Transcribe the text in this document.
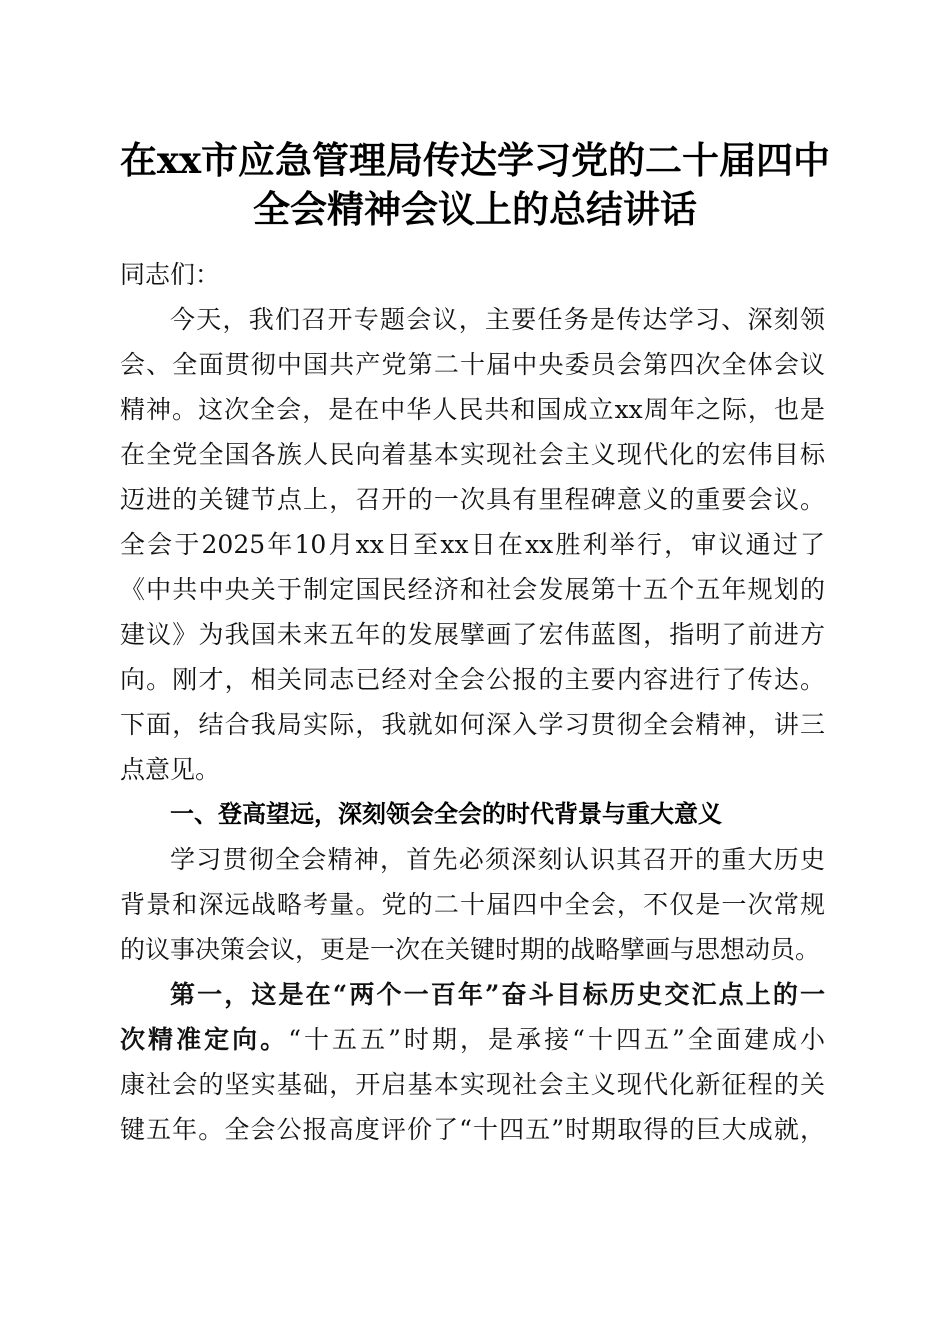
在xx市应急管理局传达学习党的二十届四中
全会精神会议上的总结讲话
同志们：
今天，我们召开专题会议，主要任务是传达学习、深刻领
会、全面贯彻中国共产党第二十届中央委员会第四次全体会议
精神。这次全会，是在中华人民共和国成立xx周年之际，也是
在全党全国各族人民向着基本实现社会主义现代化的宏伟目标
迈进的关键节点上，召开的一次具有里程碑意义的重要会议。
全会于2025年10月xx日至xx日在xx胜利举行，审议通过了
《中共中央关于制定国民经济和社会发展第十五个五年规划的
建议》为我国未来五年的发展擘画了宏伟蓝图，指明了前进方
向。刚才，相关同志已经对全会公报的主要内容进行了传达。
下面，结合我局实际，我就如何深入学习贯彻全会精神，讲三
点意见。
一、登高望远，深刻领会全会的时代背景与重大意义
学习贯彻全会精神，首先必须深刻认识其召开的重大历史
背景和深远战略考量。党的二十届四中全会，不仅是一次常规
的议事决策会议，更是一次在关键时期的战略擘画与思想动员。
第一，这是在“两个一百年”奋斗目标历史交汇点上的一
次精准定向。“十五五”时期，是承接“十四五”全面建成小
康社会的坚实基础，开启基本实现社会主义现代化新征程的关
键五年。全会公报高度评价了“十四五”时期取得的巨大成就，
